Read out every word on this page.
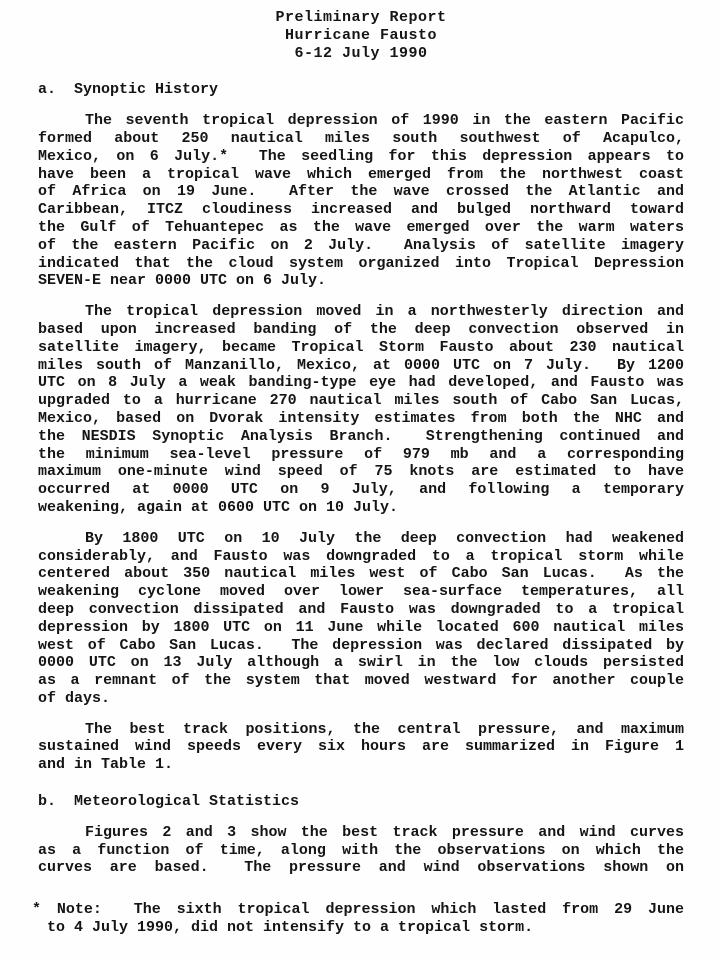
Preliminary Report
Hurricane Fausto
6-12 July 1990
a.  Synoptic History
The seventh tropical depression of 1990 in the eastern Pacific
formed about 250 nautical miles south southwest of Acapulco,
Mexico, on 6 July.*  The seedling for this depression appears to
have been a tropical wave which emerged from the northwest coast
of Africa on 19 June.  After the wave crossed the Atlantic and
Caribbean, ITCZ cloudiness increased and bulged northward toward
the Gulf of Tehuantepec as the wave emerged over the warm waters
of the eastern Pacific on 2 July.  Analysis of satellite imagery
indicated that the cloud system organized into Tropical Depression
SEVEN-E near 0000 UTC on 6 July.
The tropical depression moved in a northwesterly direction and
based upon increased banding of the deep convection observed in
satellite imagery, became Tropical Storm Fausto about 230 nautical
miles south of Manzanillo, Mexico, at 0000 UTC on 7 July.  By 1200
UTC on 8 July a weak banding-type eye had developed, and Fausto was
upgraded to a hurricane 270 nautical miles south of Cabo San Lucas,
Mexico, based on Dvorak intensity estimates from both the NHC and
the NESDIS Synoptic Analysis Branch.  Strengthening continued and
the minimum sea-level pressure of 979 mb and a corresponding
maximum one-minute wind speed of 75 knots are estimated to have
occurred at 0000 UTC on 9 July, and following a temporary
weakening, again at 0600 UTC on 10 July.
By 1800 UTC on 10 July the deep convection had weakened
considerably, and Fausto was downgraded to a tropical storm while
centered about 350 nautical miles west of Cabo San Lucas.  As the
weakening cyclone moved over lower sea-surface temperatures, all
deep convection dissipated and Fausto was downgraded to a tropical
depression by 1800 UTC on 11 June while located 600 nautical miles
west of Cabo San Lucas.  The depression was declared dissipated by
0000 UTC on 13 July although a swirl in the low clouds persisted
as a remnant of the system that moved westward for another couple
of days.
The best track positions, the central pressure, and maximum
sustained wind speeds every six hours are summarized in Figure 1
and in Table 1.
b.  Meteorological Statistics
Figures 2 and 3 show the best track pressure and wind curves
as a function of time, along with the observations on which the
curves are based.  The pressure and wind observations shown on
* Note:  The sixth tropical depression which lasted from 29 June
to 4 July 1990, did not intensify to a tropical storm.
